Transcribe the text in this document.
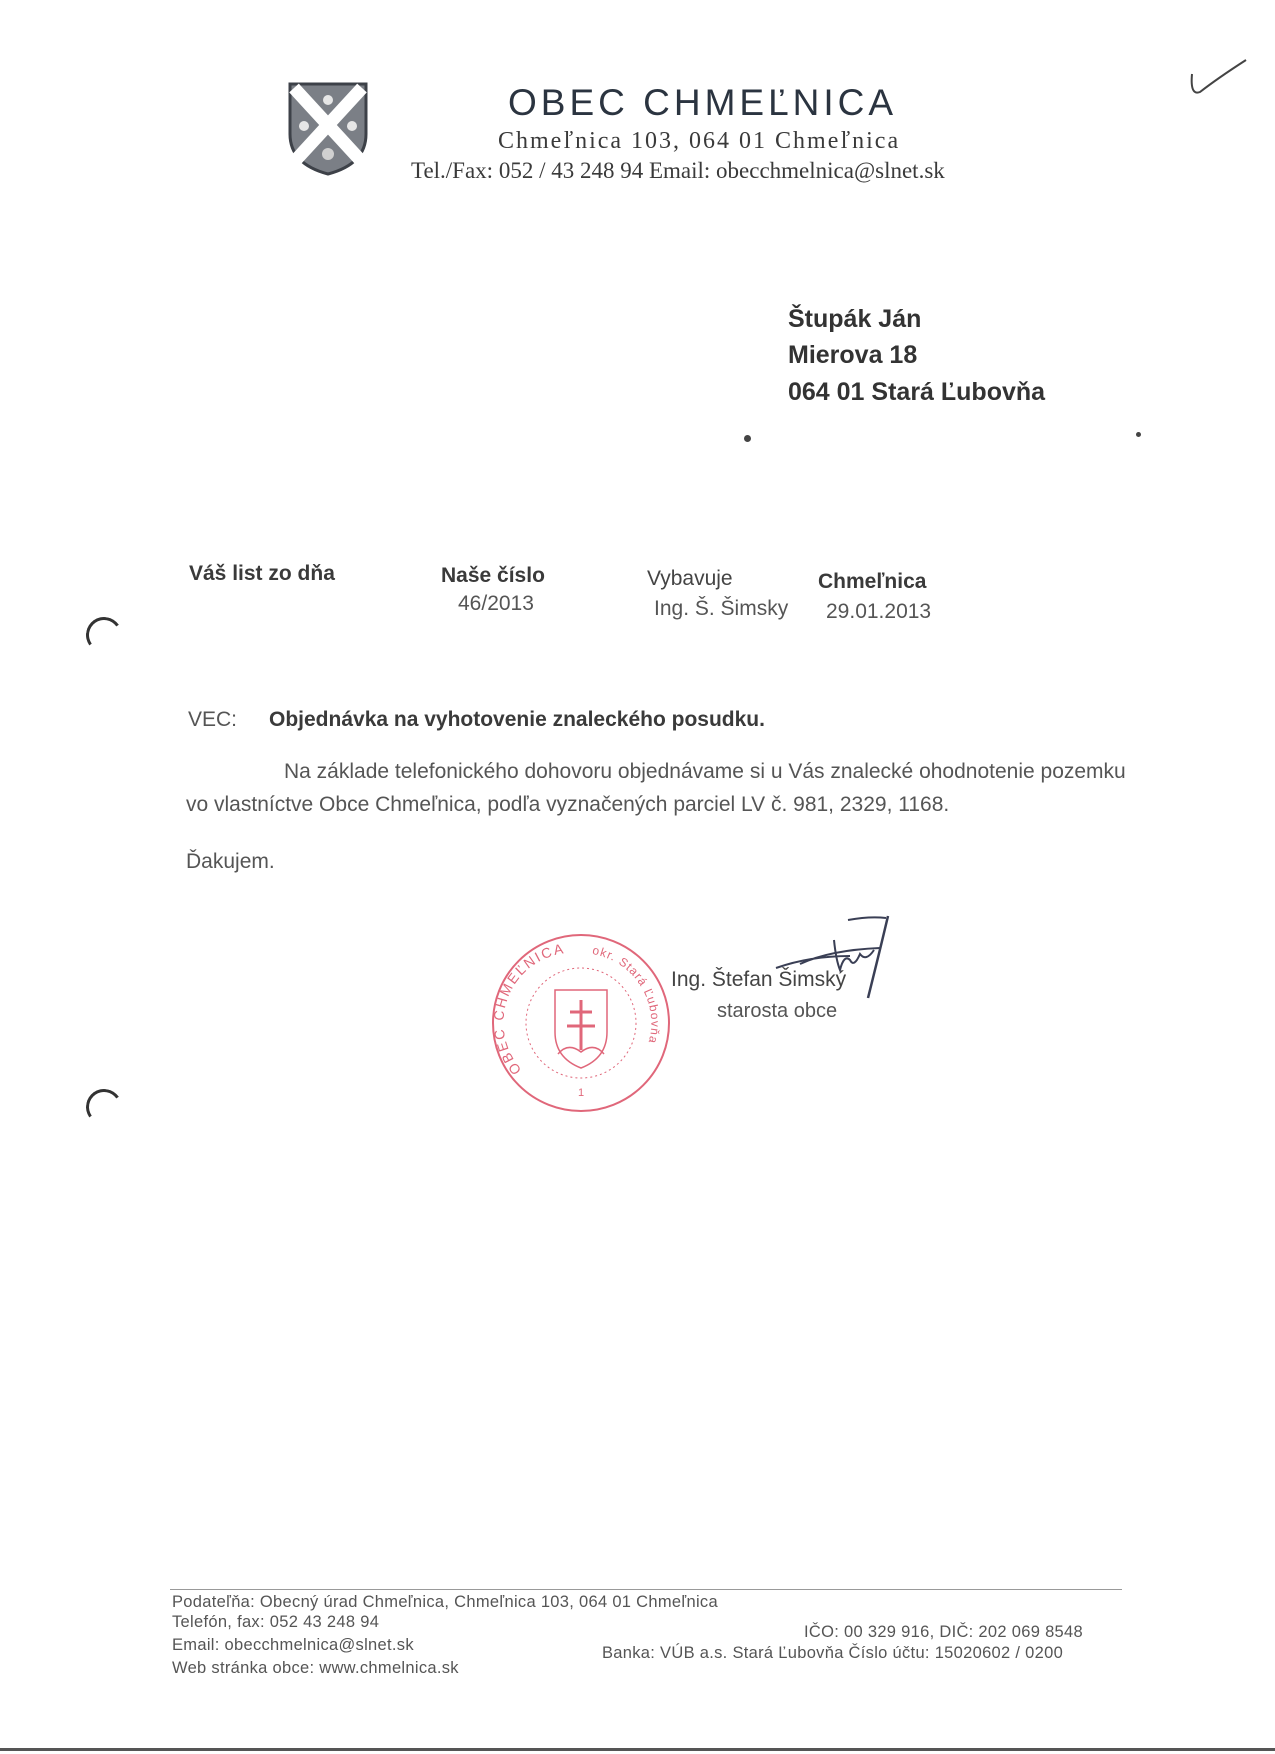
OBEC CHMEĽNICA
Chmeľnica 103, 064 01 Chmeľnica
Tel./Fax: 052 / 43 248 94 Email: obecchmelnica@slnet.sk
Štupák Ján
Mierova 18
064 01 Stará Ľubovňa
Váš list zo dňa	Naše číslo
46/2013
Vybavuje
Ing. Š. Šimsky
Chmeľnica
29.01.2013
VEC: Objednávka na vyhotovenie znaleckého posudku.
Na základe telefonického dohovoru objednávame si u Vás znalecké ohodnotenie pozemku
vo vlastníctve Obce Chmeľnica, podľa vyznačených parciel LV č. 981, 2329, 1168.
Ďakujem.
OBEC CHMEĽNICA okr. Stará Ľubovňa
1
Ing. Štefan Šimský
starosta obce
Podateľňa: Obecný úrad Chmeľnica, Chmeľnica 103, 064 01 Chmeľnica
Telefón, fax: 052 43 248 94
Email: obecchmelnica@slnet.sk
Web stránka obce: www.chmelnica.sk
IČO: 00 329 916, DIČ: 202 069 8548
Banka: VÚB a.s. Stará Ľubovňa Číslo účtu: 15020602 / 0200
